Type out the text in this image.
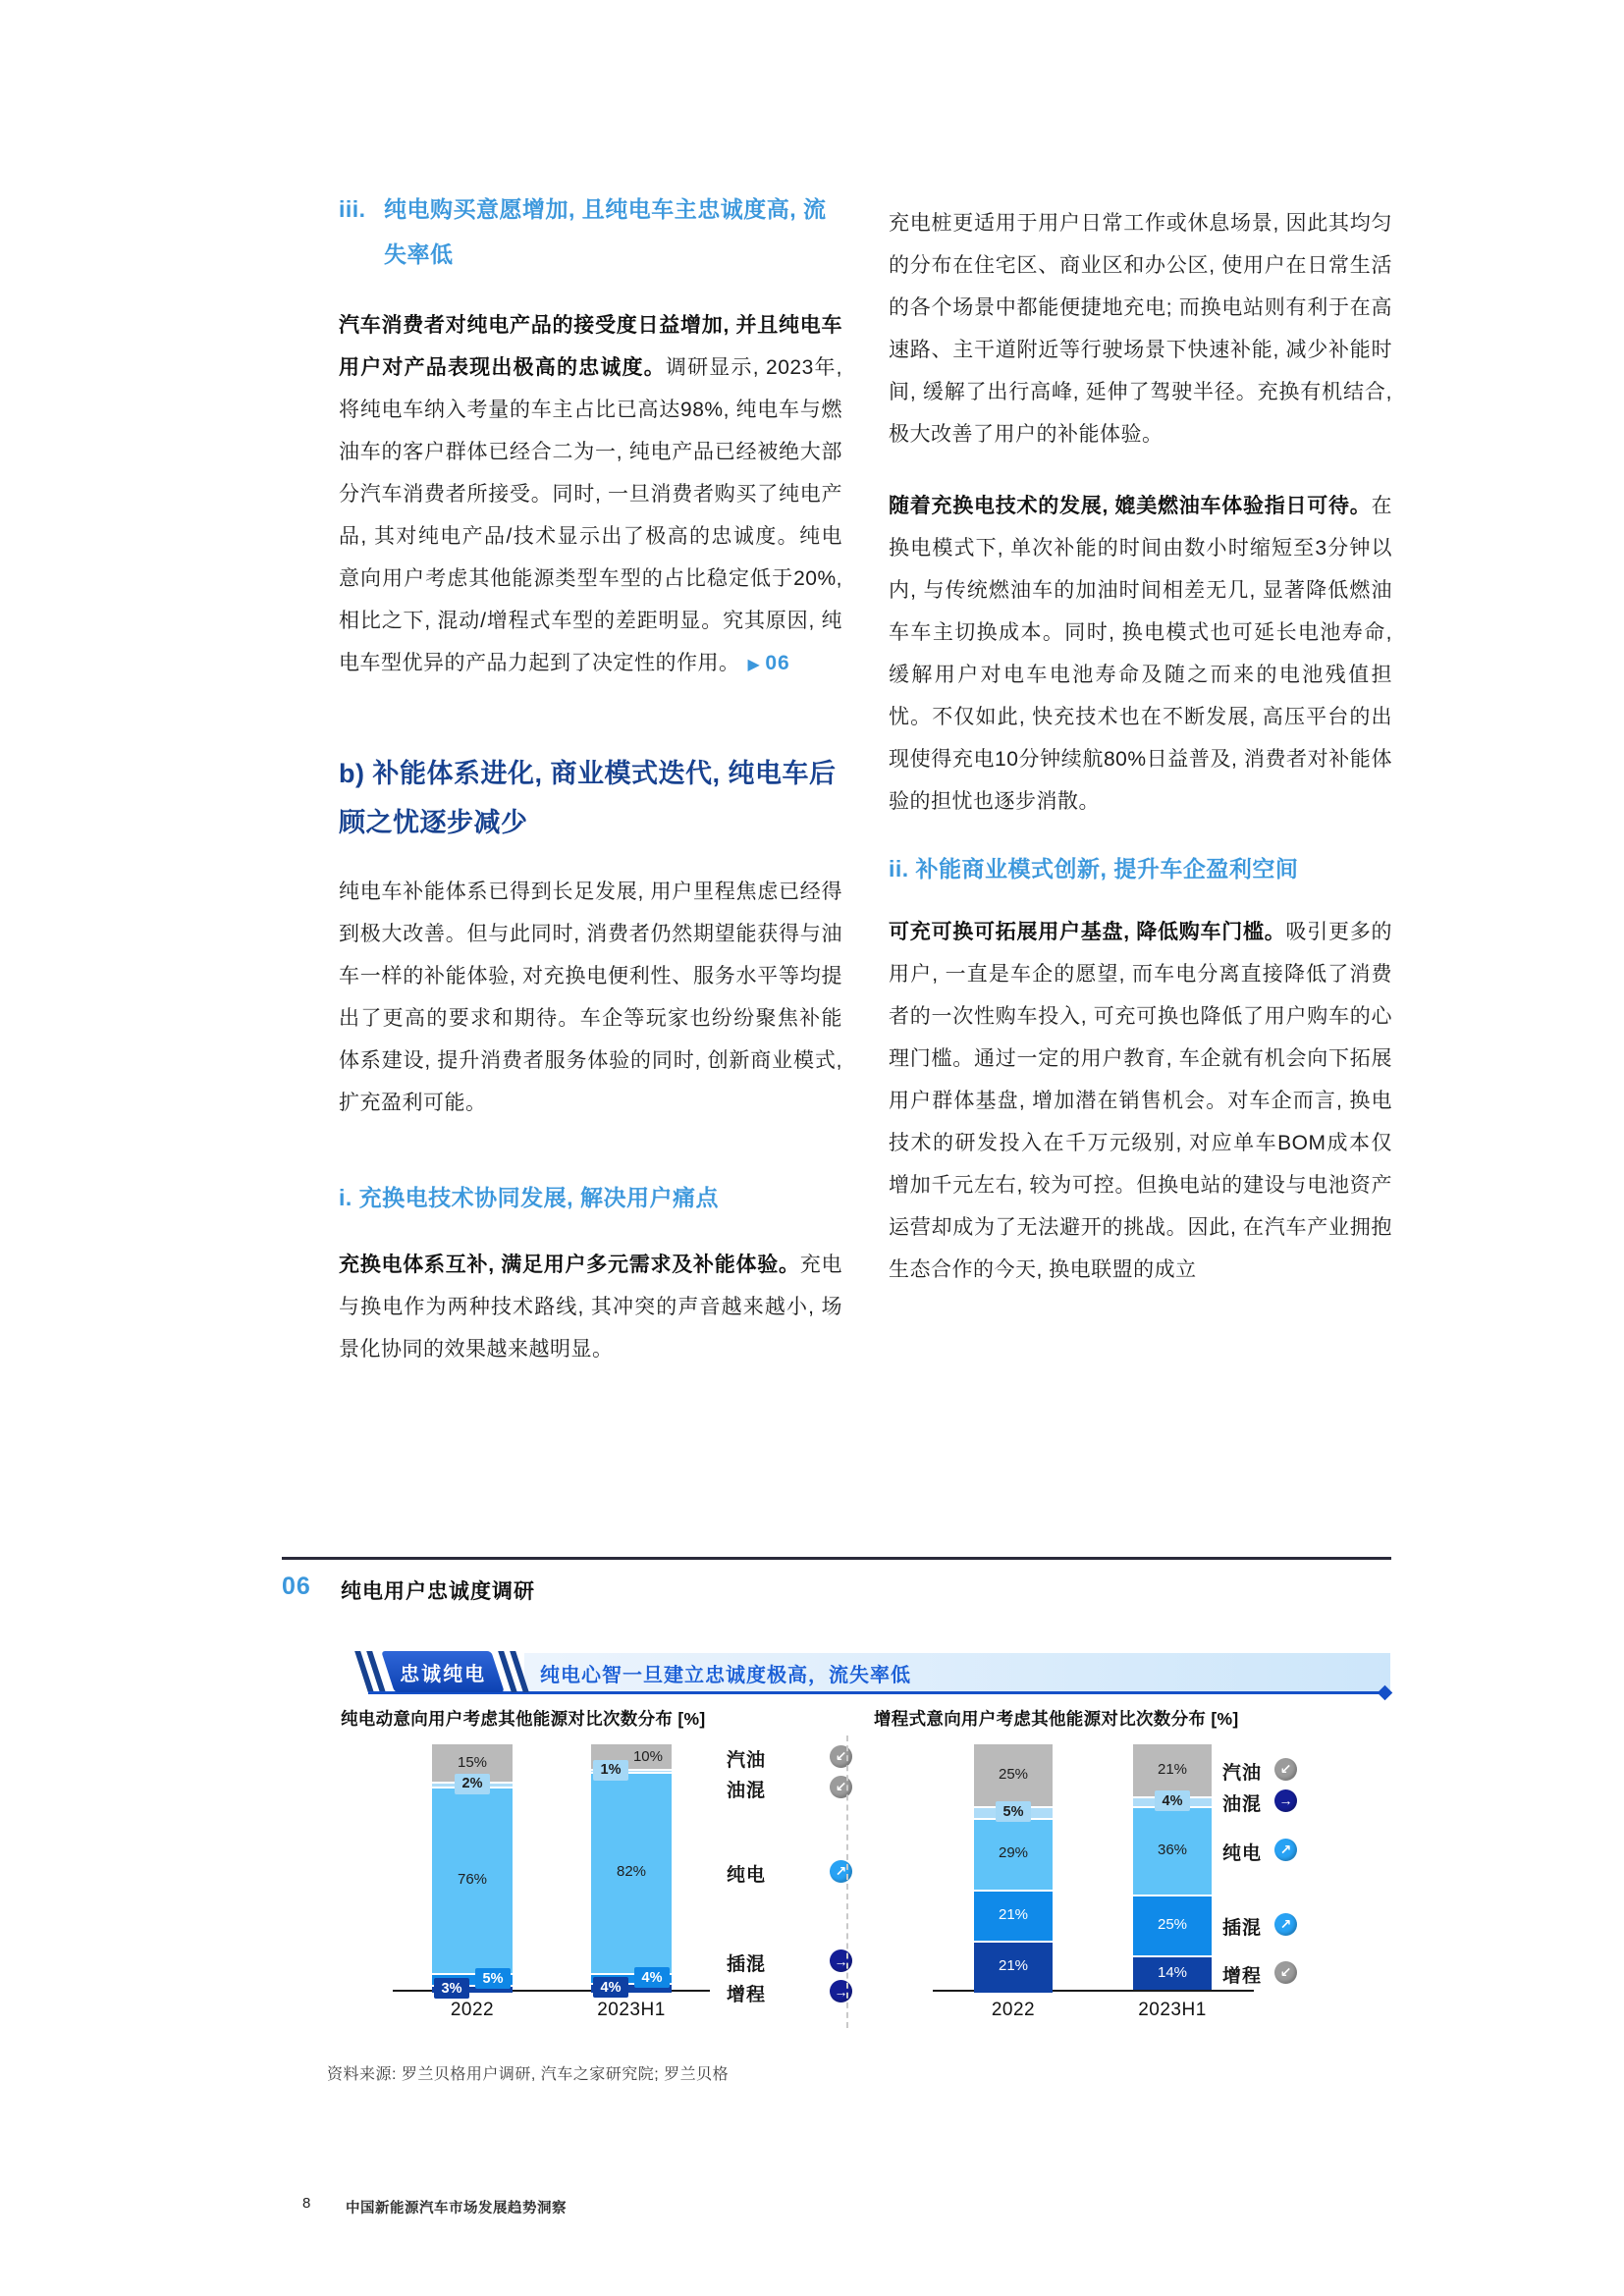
iii. 纯电购买意愿增加, 且纯电车主忠诚度高, 流失率低

汽车消费者对纯电产品的接受度日益增加, 并且纯电车用户对产品表现出极高的忠诚度。调研显示, 2023年, 将纯电车纳入考量的车主占比已高达98%, 纯电车与燃油车的客户群体已经合二为一, 纯电产品已经被绝大部分汽车消费者所接受。同时, 一旦消费者购买了纯电产品, 其对纯电产品/技术显示出了极高的忠诚度。纯电意向用户考虑其他能源类型车型的占比稳定低于20%, 相比之下, 混动/增程式车型的差距明显。究其原因, 纯电车型优异的产品力起到了决定性的作用。 ▶ 06

b) 补能体系进化, 商业模式迭代, 纯电车后顾之忧逐步减少

纯电车补能体系已得到长足发展, 用户里程焦虑已经得到极大改善。但与此同时, 消费者仍然期望能获得与油车一样的补能体验, 对充换电便利性、服务水平等均提出了更高的要求和期待。车企等玩家也纷纷聚焦补能体系建设, 提升消费者服务体验的同时, 创新商业模式, 扩充盈利可能。

i. 充换电技术协同发展, 解决用户痛点

充换电体系互补, 满足用户多元需求及补能体验。充电与换电作为两种技术路线, 其冲突的声音越来越小, 场景化协同的效果越来越明显。

充电桩更适用于用户日常工作或休息场景, 因此其均匀的分布在住宅区、商业区和办公区, 使用户在日常生活的各个场景中都能便捷地充电; 而换电站则有利于在高速路、主干道附近等行驶场景下快速补能, 减少补能时间, 缓解了出行高峰, 延伸了驾驶半径。充换有机结合, 极大改善了用户的补能体验。

随着充换电技术的发展, 媲美燃油车体验指日可待。在换电模式下, 单次补能的时间由数小时缩短至3分钟以内, 与传统燃油车的加油时间相差无几, 显著降低燃油车车主切换成本。同时, 换电模式也可延长电池寿命, 缓解用户对电车电池寿命及随之而来的电池残值担忧。不仅如此, 快充技术也在不断发展, 高压平台的出现使得充电10分钟续航80%日益普及, 消费者对补能体验的担忧也逐步消散。

ii. 补能商业模式创新, 提升车企盈利空间

可充可换可拓展用户基盘, 降低购车门槛。吸引更多的用户, 一直是车企的愿望, 而车电分离直接降低了消费者的一次性购车投入, 可充可换也降低了用户购车的心理门槛。通过一定的用户教育, 车企就有机会向下拓展用户群体基盘, 增加潜在销售机会。对车企而言, 换电技术的研发投入在千万元级别, 对应单车BOM成本仅增加千元左右, 较为可控。但换电站的建设与电池资产运营却成为了无法避开的挑战。因此, 在汽车产业拥抱生态合作的今天, 换电联盟的成立

06 纯电用户忠诚度调研
纯电心智一旦建立忠诚度极高，流失率低
忠诚纯电
纯电动意向用户考虑其他能源对比次数分布 [%]	增程式意向用户考虑其他能源对比次数分布 [%]
15%
2%
76%
5%
3%
2022
10%
1%
82%
4%
4%
2023H1
汽油	↙
油混	↙
纯电	↗
插混	→
增程	→
25%
5%
29%
21%
21%
2022
21%
4%
36%
25%
14%
2023H1
汽油	↙
油混	→
纯电	↗
插混	↗
增程	↙
资料来源: 罗兰贝格用户调研, 汽车之家研究院; 罗兰贝格
8 中国新能源汽车市场发展趋势洞察
